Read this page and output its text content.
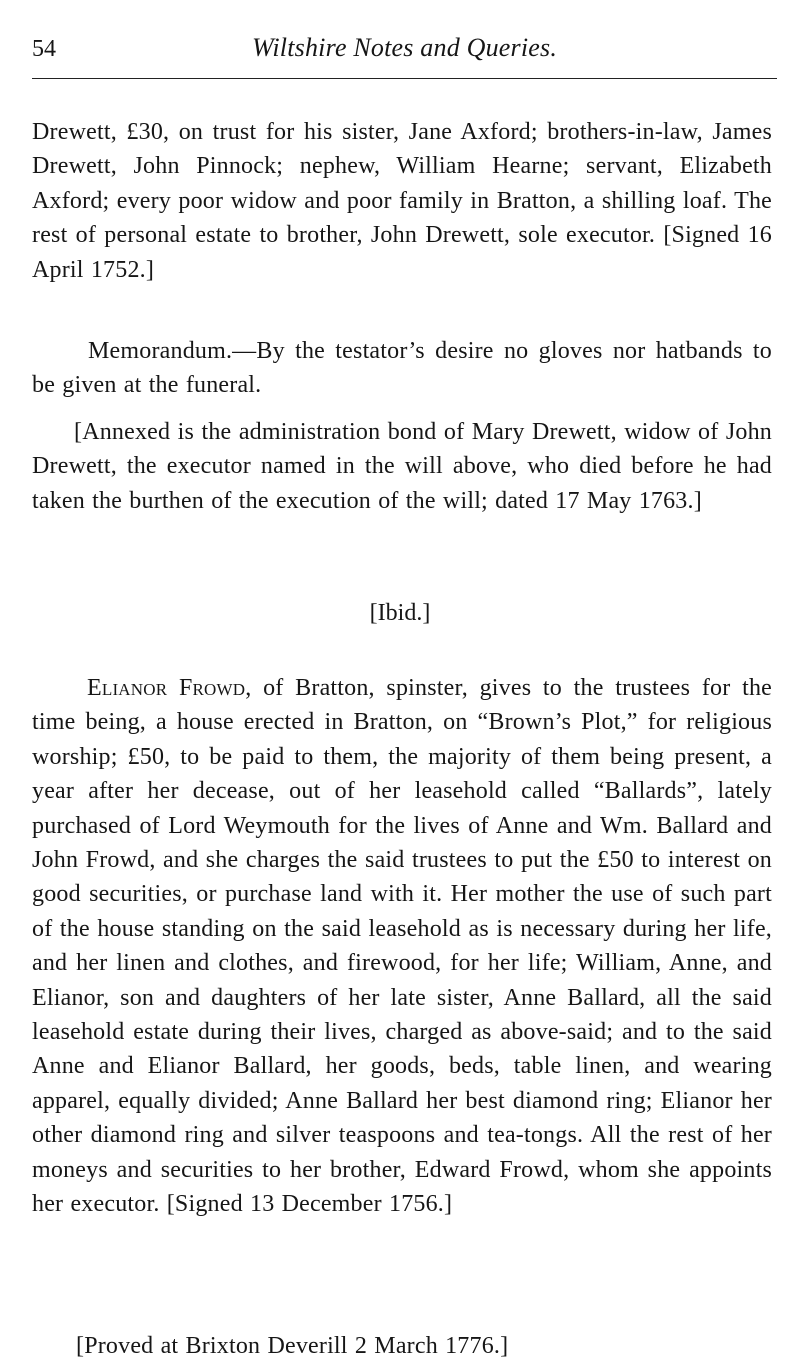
54	Wiltshire Notes and Queries.

Drewett, £30, on trust for his sister, Jane Axford; brothers-in-law, James Drewett, John Pinnock; nephew, William Hearne; servant, Elizabeth Axford; every poor widow and poor family in Bratton, a shilling loaf. The rest of personal estate to brother, John Drewett, sole executor. [Signed 16 April 1752.]

Memorandum.—By the testator’s desire no gloves nor hatbands to be given at the funeral.

[Annexed is the administration bond of Mary Drewett, widow of John Drewett, the executor named in the will above, who died before he had taken the burthen of the execution of the will; dated 17 May 1763.]

[Ibid.]

Elianor Frowd, of Bratton, spinster, gives to the trustees for the time being, a house erected in Bratton, on “Brown’s Plot,” for religious worship; £50, to be paid to them, the majority of them being present, a year after her decease, out of her leasehold called “Ballards”, lately purchased of Lord Weymouth for the lives of Anne and Wm. Ballard and John Frowd, and she charges the said trustees to put the £50 to interest on good securities, or purchase land with it. Her mother the use of such part of the house standing on the said leasehold as is necessary during her life, and her linen and clothes, and firewood, for her life; William, Anne, and Elianor, son and daughters of her late sister, Anne Ballard, all the said leasehold estate during their lives, charged as above-said; and to the said Anne and Elianor Ballard, her goods, beds, table linen, and wearing apparel, equally divided; Anne Ballard her best diamond ring; Elianor her other diamond ring and silver teaspoons and tea-tongs. All the rest of her moneys and securities to her brother, Edward Frowd, whom she appoints her executor. [Signed 13 December 1756.]

[Proved at Brixton Deverill 2 March 1776.]
